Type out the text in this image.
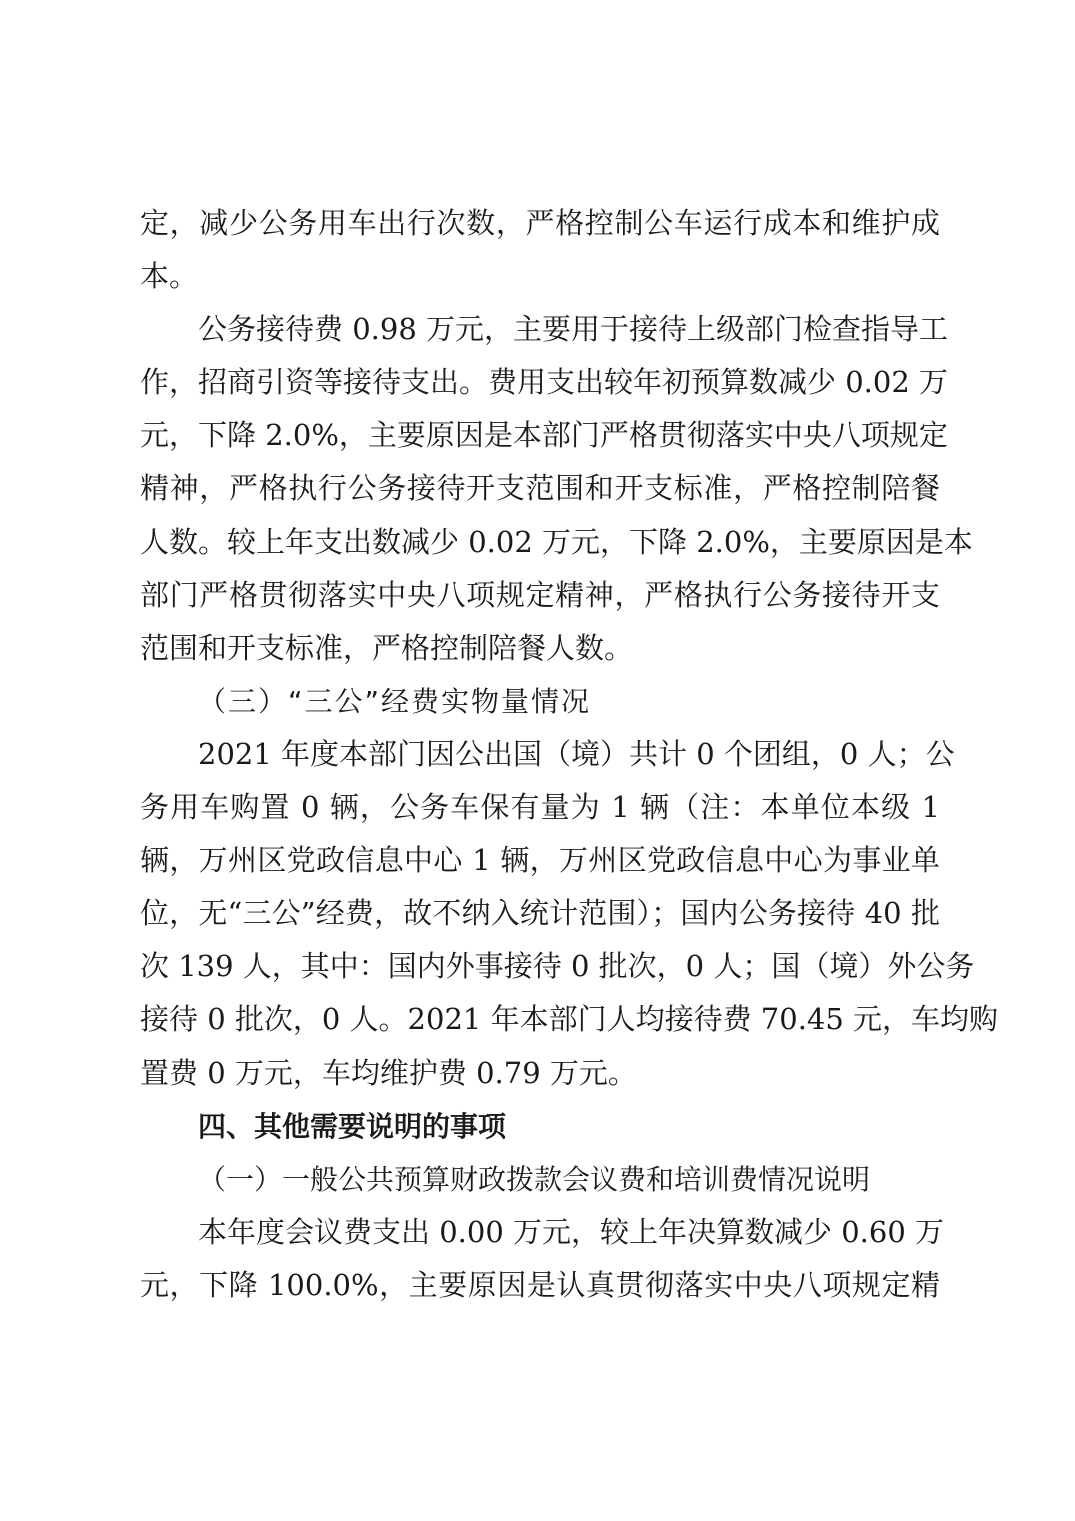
定，减少公务用车出行次数，严格控制公车运行成本和维护成
本。
公务接待费 0.98 万元，主要用于接待上级部门检查指导工
作，招商引资等接待支出。费用支出较年初预算数减少 0.02 万
元，下降 2.0%，主要原因是本部门严格贯彻落实中央八项规定
精神，严格执行公务接待开支范围和开支标准，严格控制陪餐
人数。较上年支出数减少 0.02 万元，下降 2.0%，主要原因是本
部门严格贯彻落实中央八项规定精神，严格执行公务接待开支
范围和开支标准，严格控制陪餐人数。
（三）“三公”经费实物量情况
2021 年度本部门因公出国（境）共计 0 个团组，0 人；公
务用车购置 0 辆，公务车保有量为 1 辆（注：本单位本级 1
辆，万州区党政信息中心 1 辆，万州区党政信息中心为事业单
位，无“三公”经费，故不纳入统计范围）；国内公务接待 40 批
次 139 人，其中：国内外事接待 0 批次，0 人；国（境）外公务
接待 0 批次，0 人。2021 年本部门人均接待费 70.45 元，车均购
置费 0 万元，车均维护费 0.79 万元。
四、其他需要说明的事项
（一）一般公共预算财政拨款会议费和培训费情况说明
本年度会议费支出 0.00 万元，较上年决算数减少 0.60 万
元，下降 100.0%，主要原因是认真贯彻落实中央八项规定精
